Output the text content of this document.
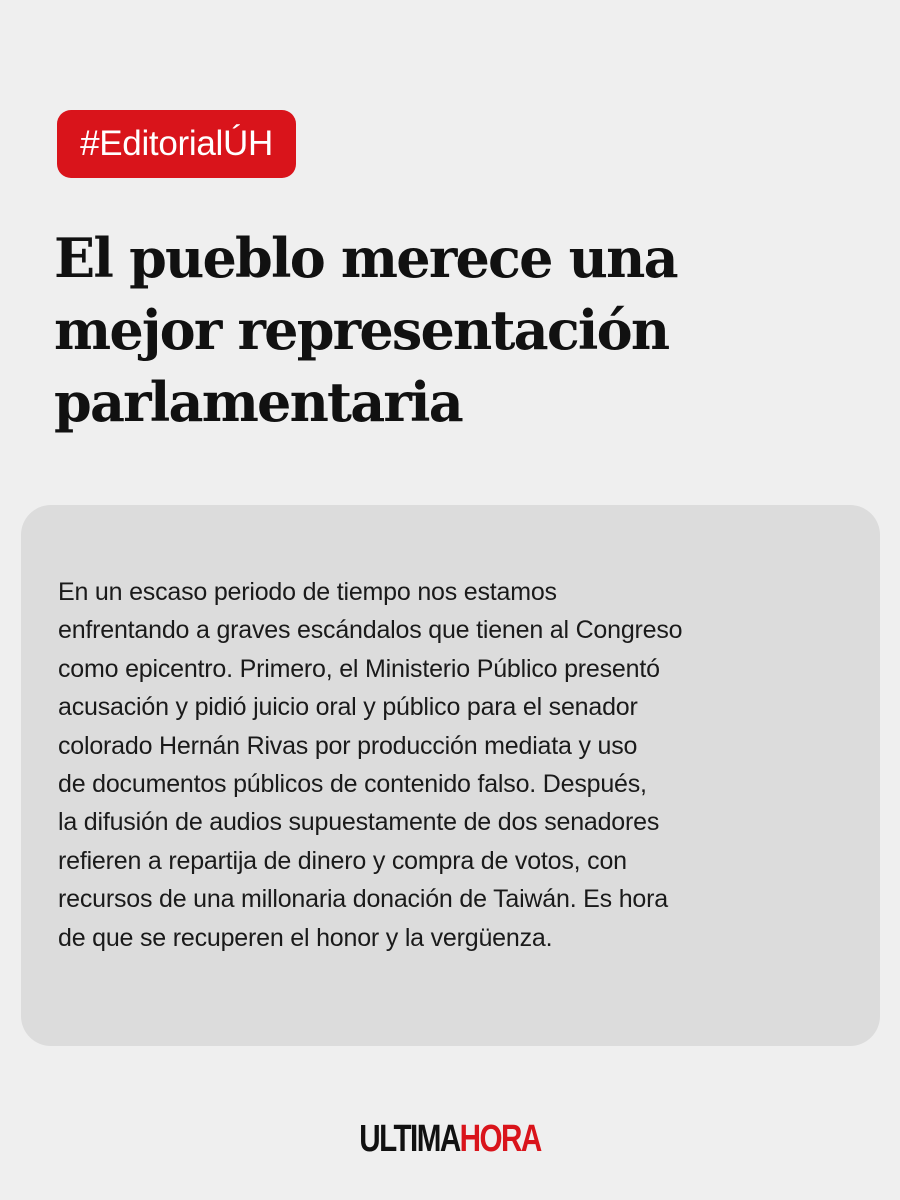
#EditorialÚH
El pueblo merece una
mejor representación
parlamentaria

En un escaso periodo de tiempo nos estamos
enfrentando a graves escándalos que tienen al Congreso
como epicentro. Primero, el Ministerio Público presentó
acusación y pidió juicio oral y público para el senador
colorado Hernán Rivas por producción mediata y uso
de documentos públicos de contenido falso. Después,
la difusión de audios supuestamente de dos senadores
refieren a repartija de dinero y compra de votos, con
recursos de una millonaria donación de Taiwán. Es hora
de que se recuperen el honor y la vergüenza.

ULTIMAHORA
